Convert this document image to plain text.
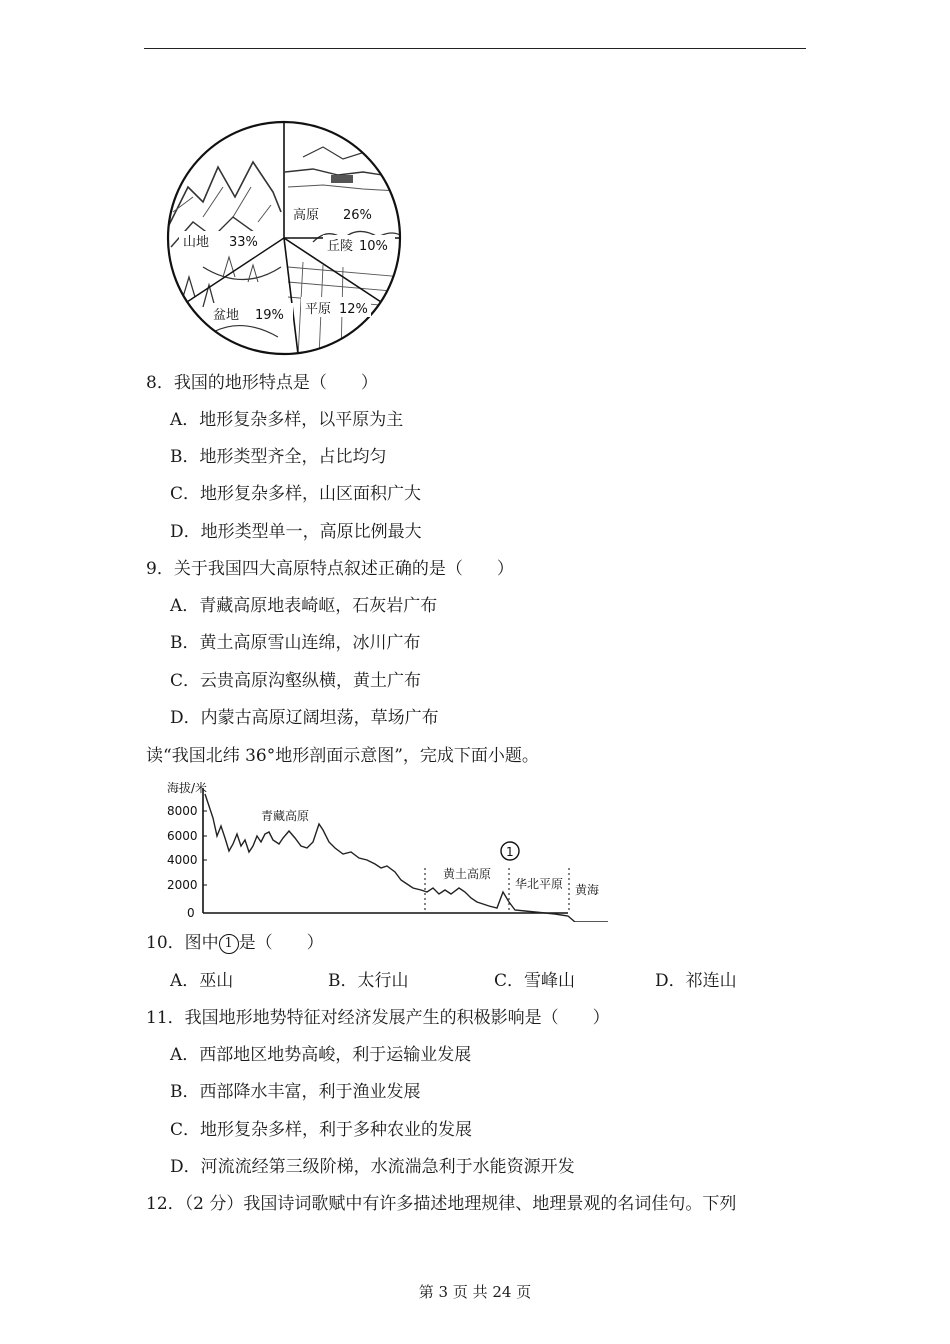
高原 26%
丘陵 10%
平原 12%
盆地 19%
山地 33%
8．我国的地形特点是（　　）
A．地形复杂多样，以平原为主
B．地形类型齐全，占比均匀
C．地形复杂多样，山区面积广大
D．地形类型单一，高原比例最大
9．关于我国四大高原特点叙述正确的是（　　）
A．青藏高原地表崎岖，石灰岩广布
B．黄土高原雪山连绵，冰川广布
C．云贵高原沟壑纵横，黄土广布
D．内蒙古高原辽阔坦荡，草场广布
读“我国北纬 36°地形剖面示意图”，完成下面小题。
海拔/米
8000
6000
4000
2000
0
青藏高原
黄土高原
华北平原 黄海
1
10．图中 1 是（　　）
A．巫山	B．太行山	C．雪峰山	D．祁连山
11．我国地形地势特征对经济发展产生的积极影响是（　　）
A．西部地区地势高峻，利于运输业发展
B．西部降水丰富，利于渔业发展
C．地形复杂多样，利于多种农业的发展
D．河流流经第三级阶梯，水流湍急利于水能资源开发
12．（2 分）我国诗词歌赋中有许多描述地理规律、地理景观的名词佳句。下列
第 3 页 共 24 页
